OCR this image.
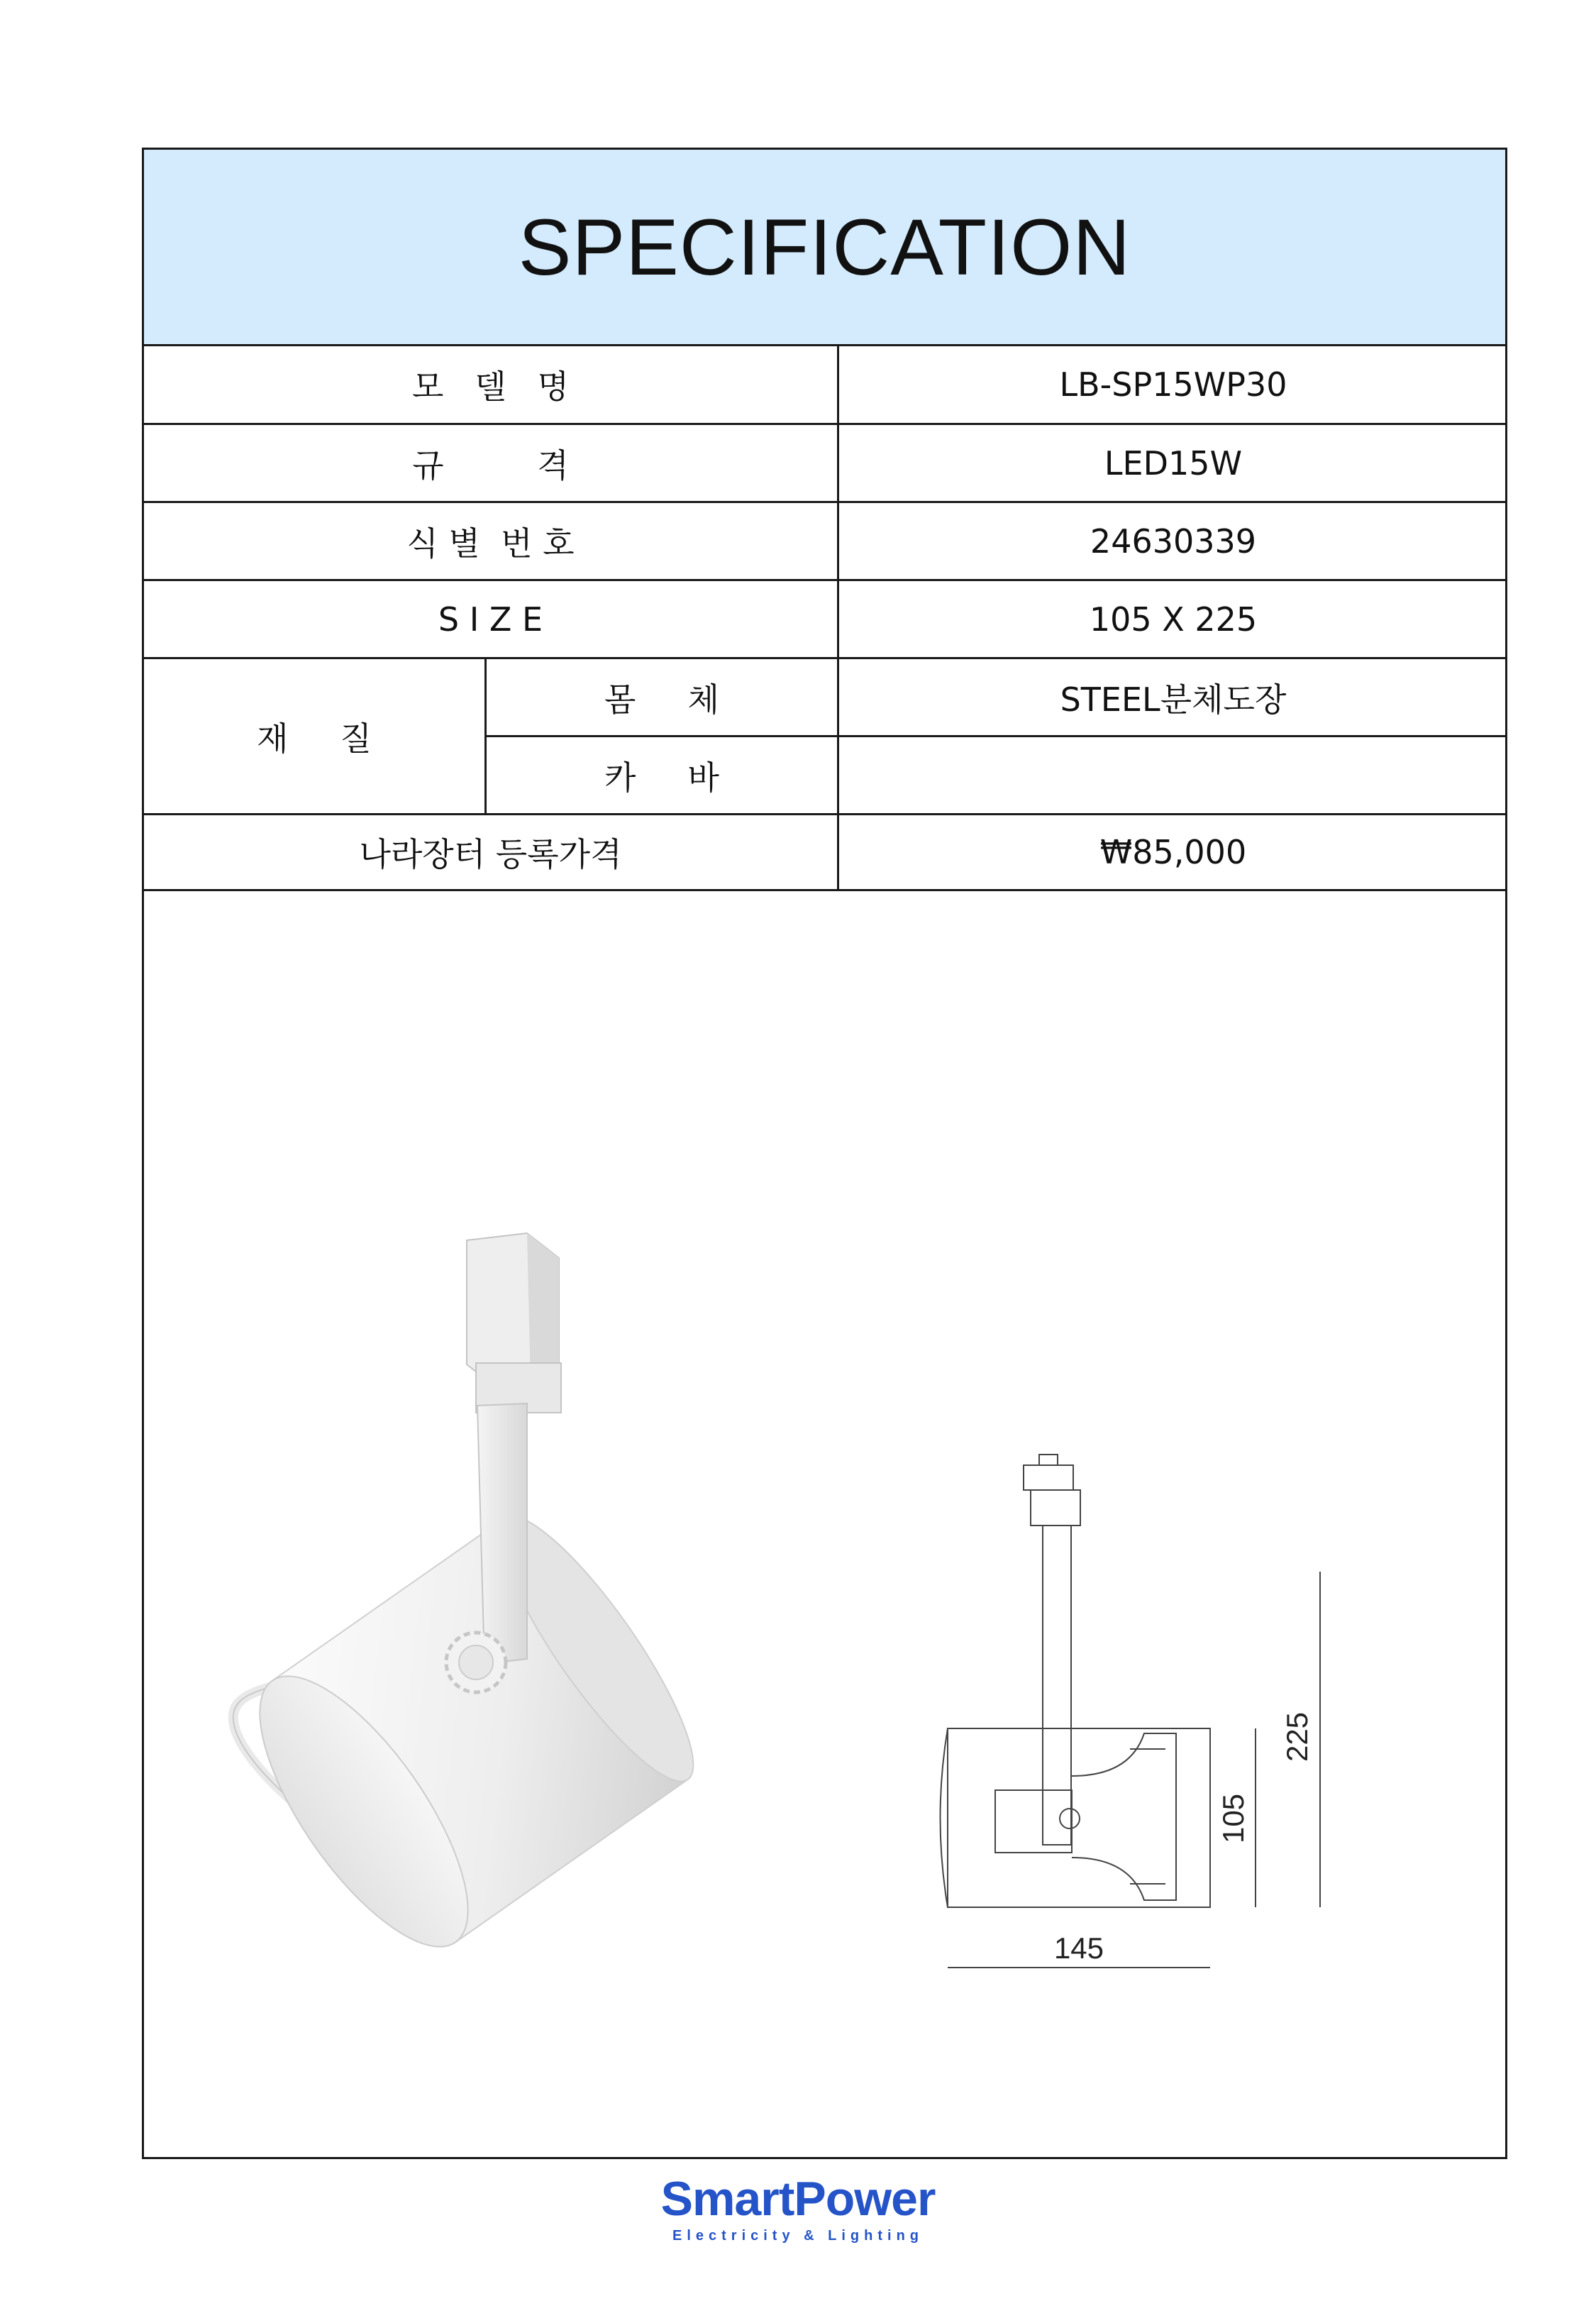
SPECIFICATION
모   델   명	LB-SP15WP30
규         격	LED15W
식 별  번 호	24630339
S I Z E	105 X 225
재     질
몸     체	STEEL분체도장
카     바
나라장터 등록가격	₩85,000
145
105
225
SmartPower
Electricity & Lighting
